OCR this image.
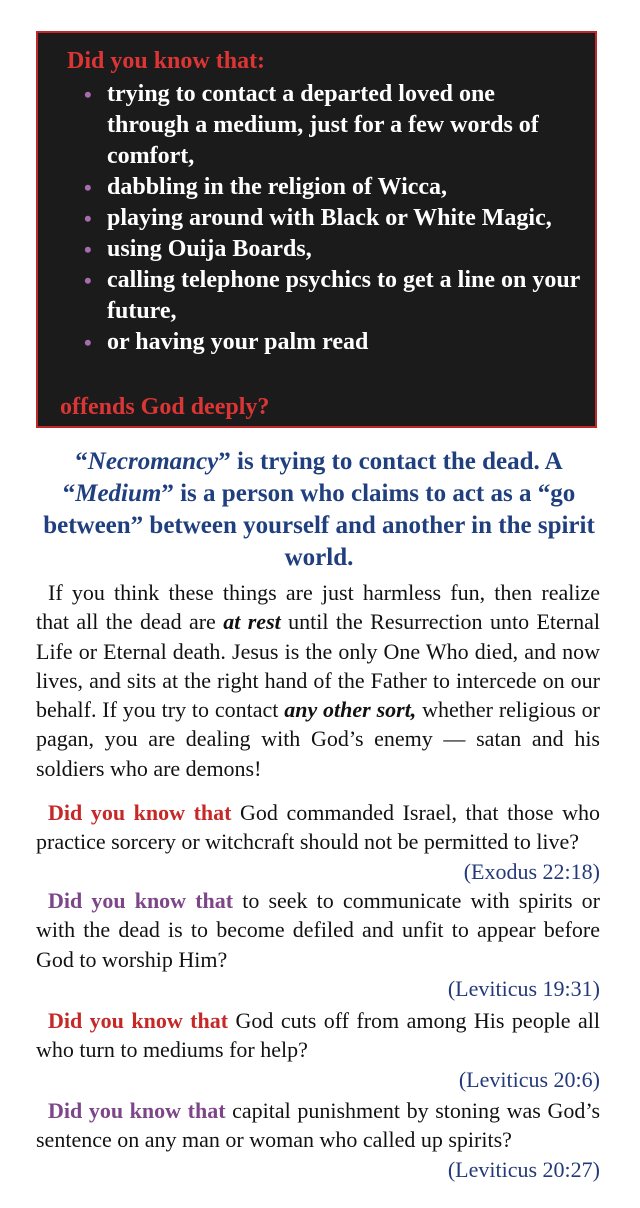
Did you know that:

• trying to contact a departed loved one through a medium, just for a few words of comfort,
• dabbling in the religion of Wicca,
• playing around with Black or White Magic,
• using Ouija Boards,
• calling telephone psychics to get a line on your future,
• or having your palm read

offends God deeply?

“Necromancy” is trying to contact the dead. A “Medium” is a person who claims to act as a “go between” between yourself and another in the spirit world.

If you think these things are just harmless fun, then realize that all the dead are at rest until the Resurrection unto Eternal Life or Eternal death. Jesus is the only One Who died, and now lives, and sits at the right hand of the Father to intercede on our behalf. If you try to contact any other sort, whether religious or pagan, you are dealing with God’s enemy — satan and his soldiers who are demons!

Did you know that God commanded Israel, that those who practice sorcery or witchcraft should not be permitted to live?
(Exodus 22:18)

Did you know that to seek to communicate with spirits or with the dead is to become defiled and unfit to appear before God to worship Him?
(Leviticus 19:31)

Did you know that God cuts off from among His people all who turn to mediums for help?
(Leviticus 20:6)

Did you know that capital punishment by stoning was God’s sentence on any man or woman who called up spirits?
(Leviticus 20:27)
